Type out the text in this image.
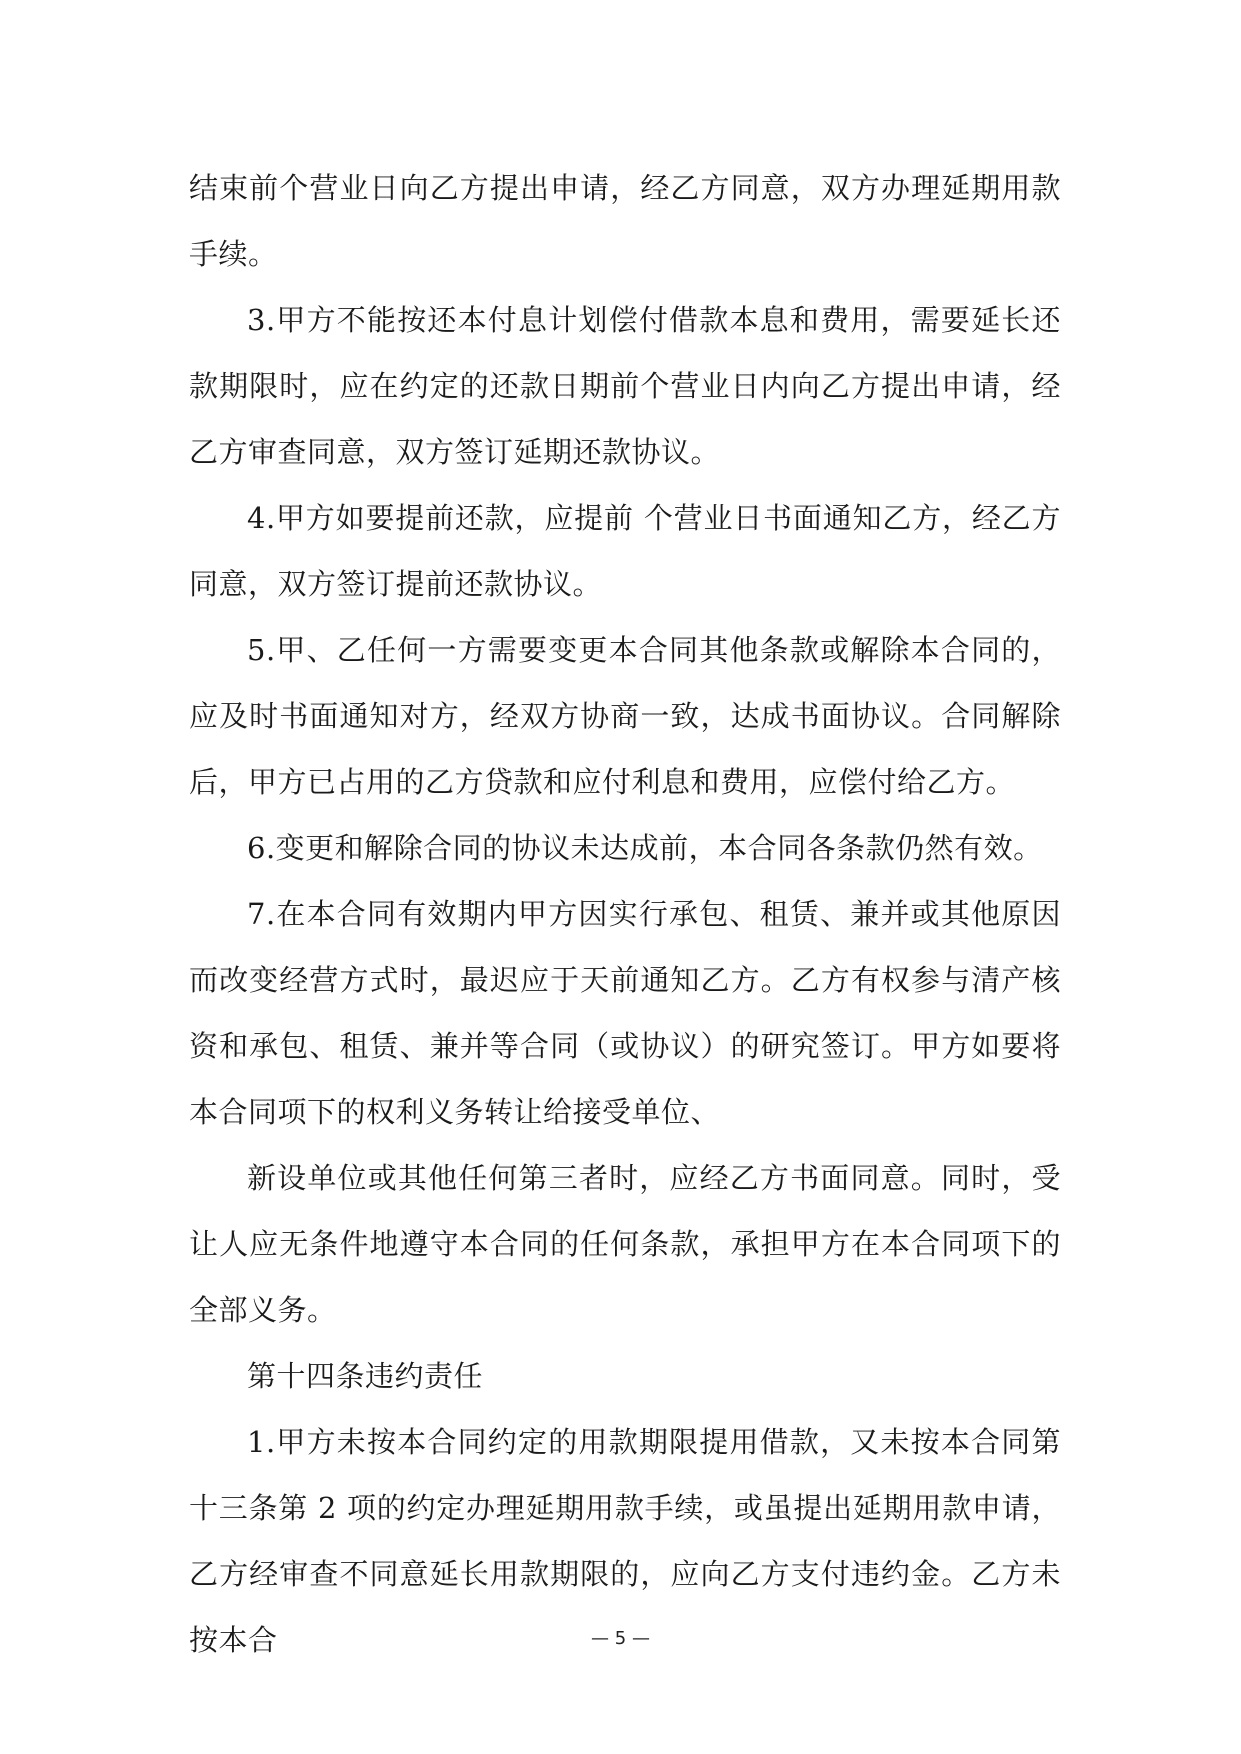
结束前个营业日向乙方提出申请，经乙方同意，双方办理延期用款手续。

3.甲方不能按还本付息计划偿付借款本息和费用，需要延长还款期限时，应在约定的还款日期前个营业日内向乙方提出申请，经乙方审查同意，双方签订延期还款协议。

4.甲方如要提前还款，应提前 个营业日书面通知乙方，经乙方同意，双方签订提前还款协议。

5.甲、乙任何一方需要变更本合同其他条款或解除本合同的，应及时书面通知对方，经双方协商一致，达成书面协议。合同解除后，甲方已占用的乙方贷款和应付利息和费用，应偿付给乙方。

6.变更和解除合同的协议未达成前，本合同各条款仍然有效。

7.在本合同有效期内甲方因实行承包、租赁、兼并或其他原因而改变经营方式时，最迟应于天前通知乙方。乙方有权参与清产核资和承包、租赁、兼并等合同（或协议）的研究签订。甲方如要将本合同项下的权利义务转让给接受单位、

新设单位或其他任何第三者时，应经乙方书面同意。同时，受让人应无条件地遵守本合同的任何条款，承担甲方在本合同项下的全部义务。

第十四条违约责任

1.甲方未按本合同约定的用款期限提用借款，又未按本合同第十三条第 2 项的约定办理延期用款手续，或虽提出延期用款申请，乙方经审查不同意延长用款期限的，应向乙方支付违约金。乙方未按本合	— 5 —
